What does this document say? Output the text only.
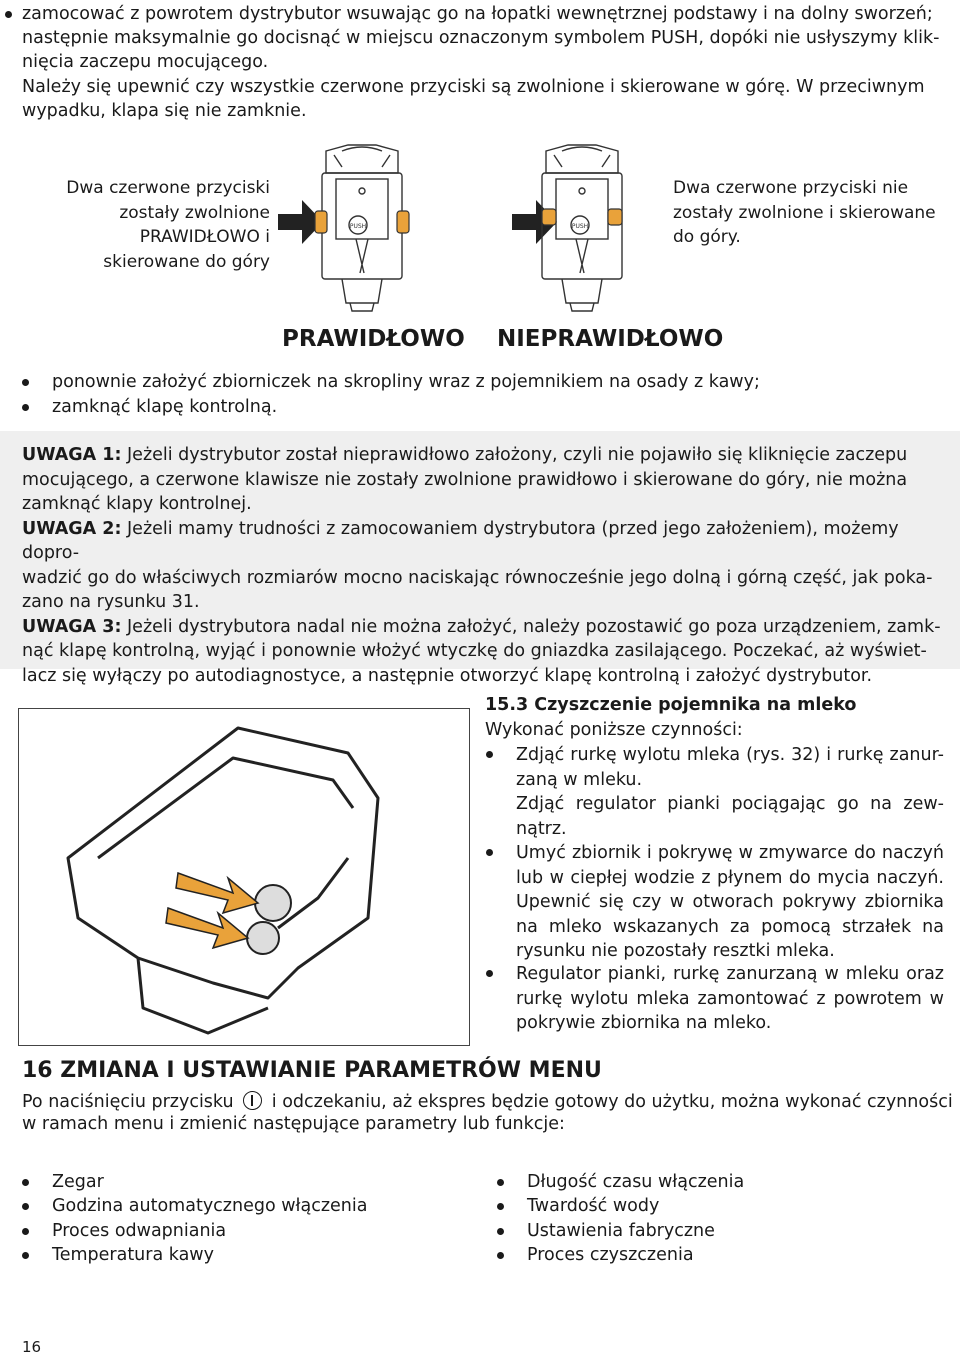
zamocować z powrotem dystrybutor wsuwając go na łopatki wewnętrznej podstawy i na dolny sworzeń;
następnie maksymalnie go docisnąć w miejscu oznaczonym symbolem PUSH, dopóki nie usłyszymy klik-
nięcia zaczepu mocującego.
Należy się upewnić czy wszystkie czerwone przyciski są zwolnione i skierowane w górę. W przeciwnym
wypadku, klapa się nie zamknie.
Dwa czerwone przyciski
zostały zwolnione
PRAWIDŁOWO i
skierowane do góry
Dwa czerwone przyciski nie
zostały zwolnione i skierowane
do góry.
PUSH	PUSH
PRAWIDŁOWO NIEPRAWIDŁOWO
ponownie założyć zbiorniczek na skropliny wraz z pojemnikiem na osady z kawy;
zamknąć klapę kontrolną.

UWAGA 1: Jeżeli dystrybutor został nieprawidłowo założony, czyli nie pojawiło się kliknięcie zaczepu

mocującego, a czerwone klawisze nie zostały zwolnione prawidłowo i skierowane do góry, nie można

zamknąć klapy kontrolnej.

UWAGA 2: Jeżeli mamy trudności z zamocowaniem dystrybutora (przed jego założeniem), możemy dopro-

wadzić go do właściwych rozmiarów mocno naciskając równocześnie jego dolną i górną część, jak poka-

zano na rysunku 31.

UWAGA 3: Jeżeli dystrybutora nadal nie można założyć, należy pozostawić go poza urządzeniem, zamk-

nąć klapę kontrolną, wyjąć i ponownie włożyć wtyczkę do gniazdka zasilającego. Poczekać, aż wyświet-

lacz się wyłączy po autodiagnostyce, a następnie otworzyć klapę kontrolną i założyć dystrybutor.

15.3 Czyszczenie pojemnika na mleko
Wykonać poniższe czynności:
Zdjąć rurkę wylotu mleka (rys. 32) i rurkę zanur-
zaną w mleku.
Zdjąć regulator pianki pociągając go na zew-
nątrz.
Umyć zbiornik i pokrywę w zmywarce do naczyń
lub w ciepłej wodzie z płynem do mycia naczyń.
Upewnić się czy w otworach pokrywy zbiornika
na mleko wskazanych za pomocą strzałek na
rysunku nie pozostały resztki mleka.
Regulator pianki, rurkę zanurzaną w mleku oraz
rurkę wylotu mleka zamontować z powrotem w
pokrywie zbiornika na mleko.
16 ZMIANA I USTAWIANIE PARAMETRÓW MENU
Po naciśnięciu przycisku i odczekaniu, aż ekspres będzie gotowy do użytku, można wykonać czynności
w ramach menu i zmienić następujące parametry lub funkcje:
Zegar
Godzina automatycznego włączenia
Proces odwapniania
Temperatura kawy
Długość czasu włączenia
Twardość wody
Ustawienia fabryczne
Proces czyszczenia
16
